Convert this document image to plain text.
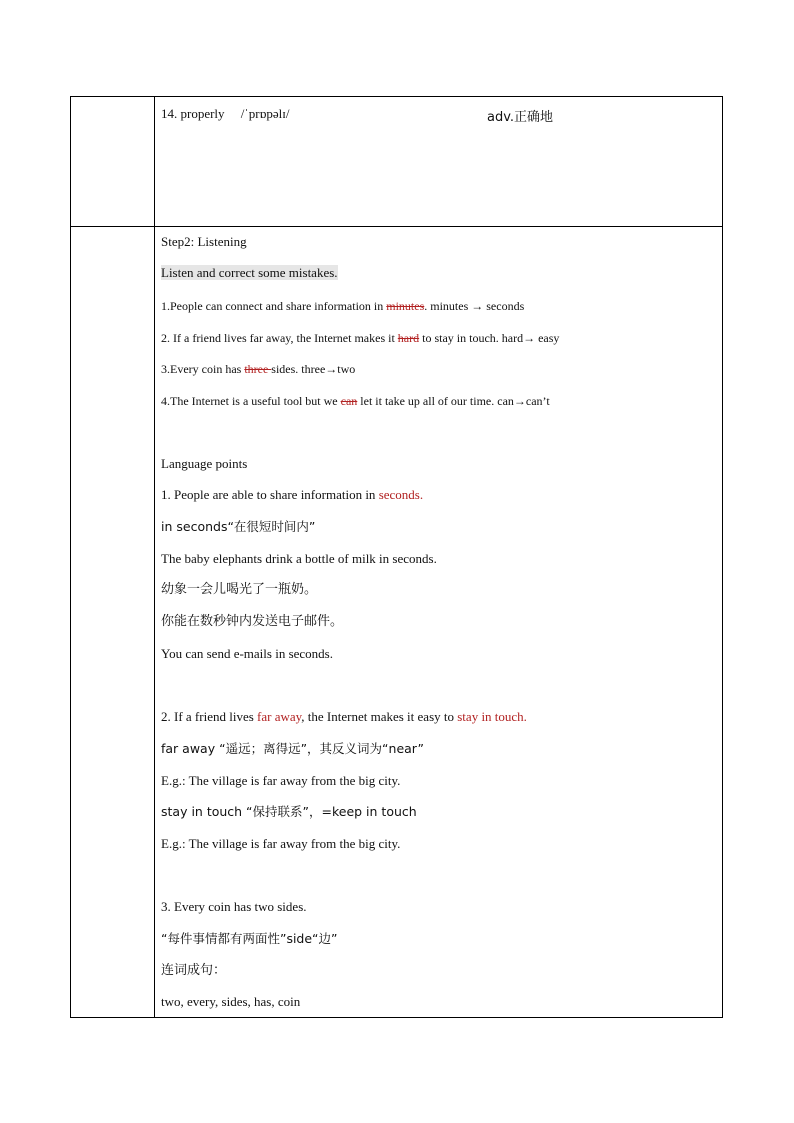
14. properly /ˈprɒpəlɪ/	adv.正确地
Step2: Listening
Listen and correct some mistakes.
1.People can connect and share information in minutes. minutes → seconds
2. If a friend lives far away, the Internet makes it hard to stay in touch. hard→ easy
3.Every coin has three sides. three→two
4.The Internet is a useful tool but we can let it take up all of our time. can→can’t
Language points
1. People are able to share information in seconds.
in seconds“在很短时间内”
The baby elephants drink a bottle of milk in seconds.
幼象一会儿喝光了一瓶奶。
你能在数秒钟内发送电子邮件。
You can send e-mails in seconds.
2. If a friend lives far away, the Internet makes it easy to stay in touch.
far away “遥远；离得远”，其反义词为“near”
E.g.: The village is far away from the big city.
stay in touch “保持联系”，=keep in touch
E.g.: The village is far away from the big city.
3. Every coin has two sides.
“每件事情都有两面性”side“边”
连词成句：
two, every, sides, has, coin
